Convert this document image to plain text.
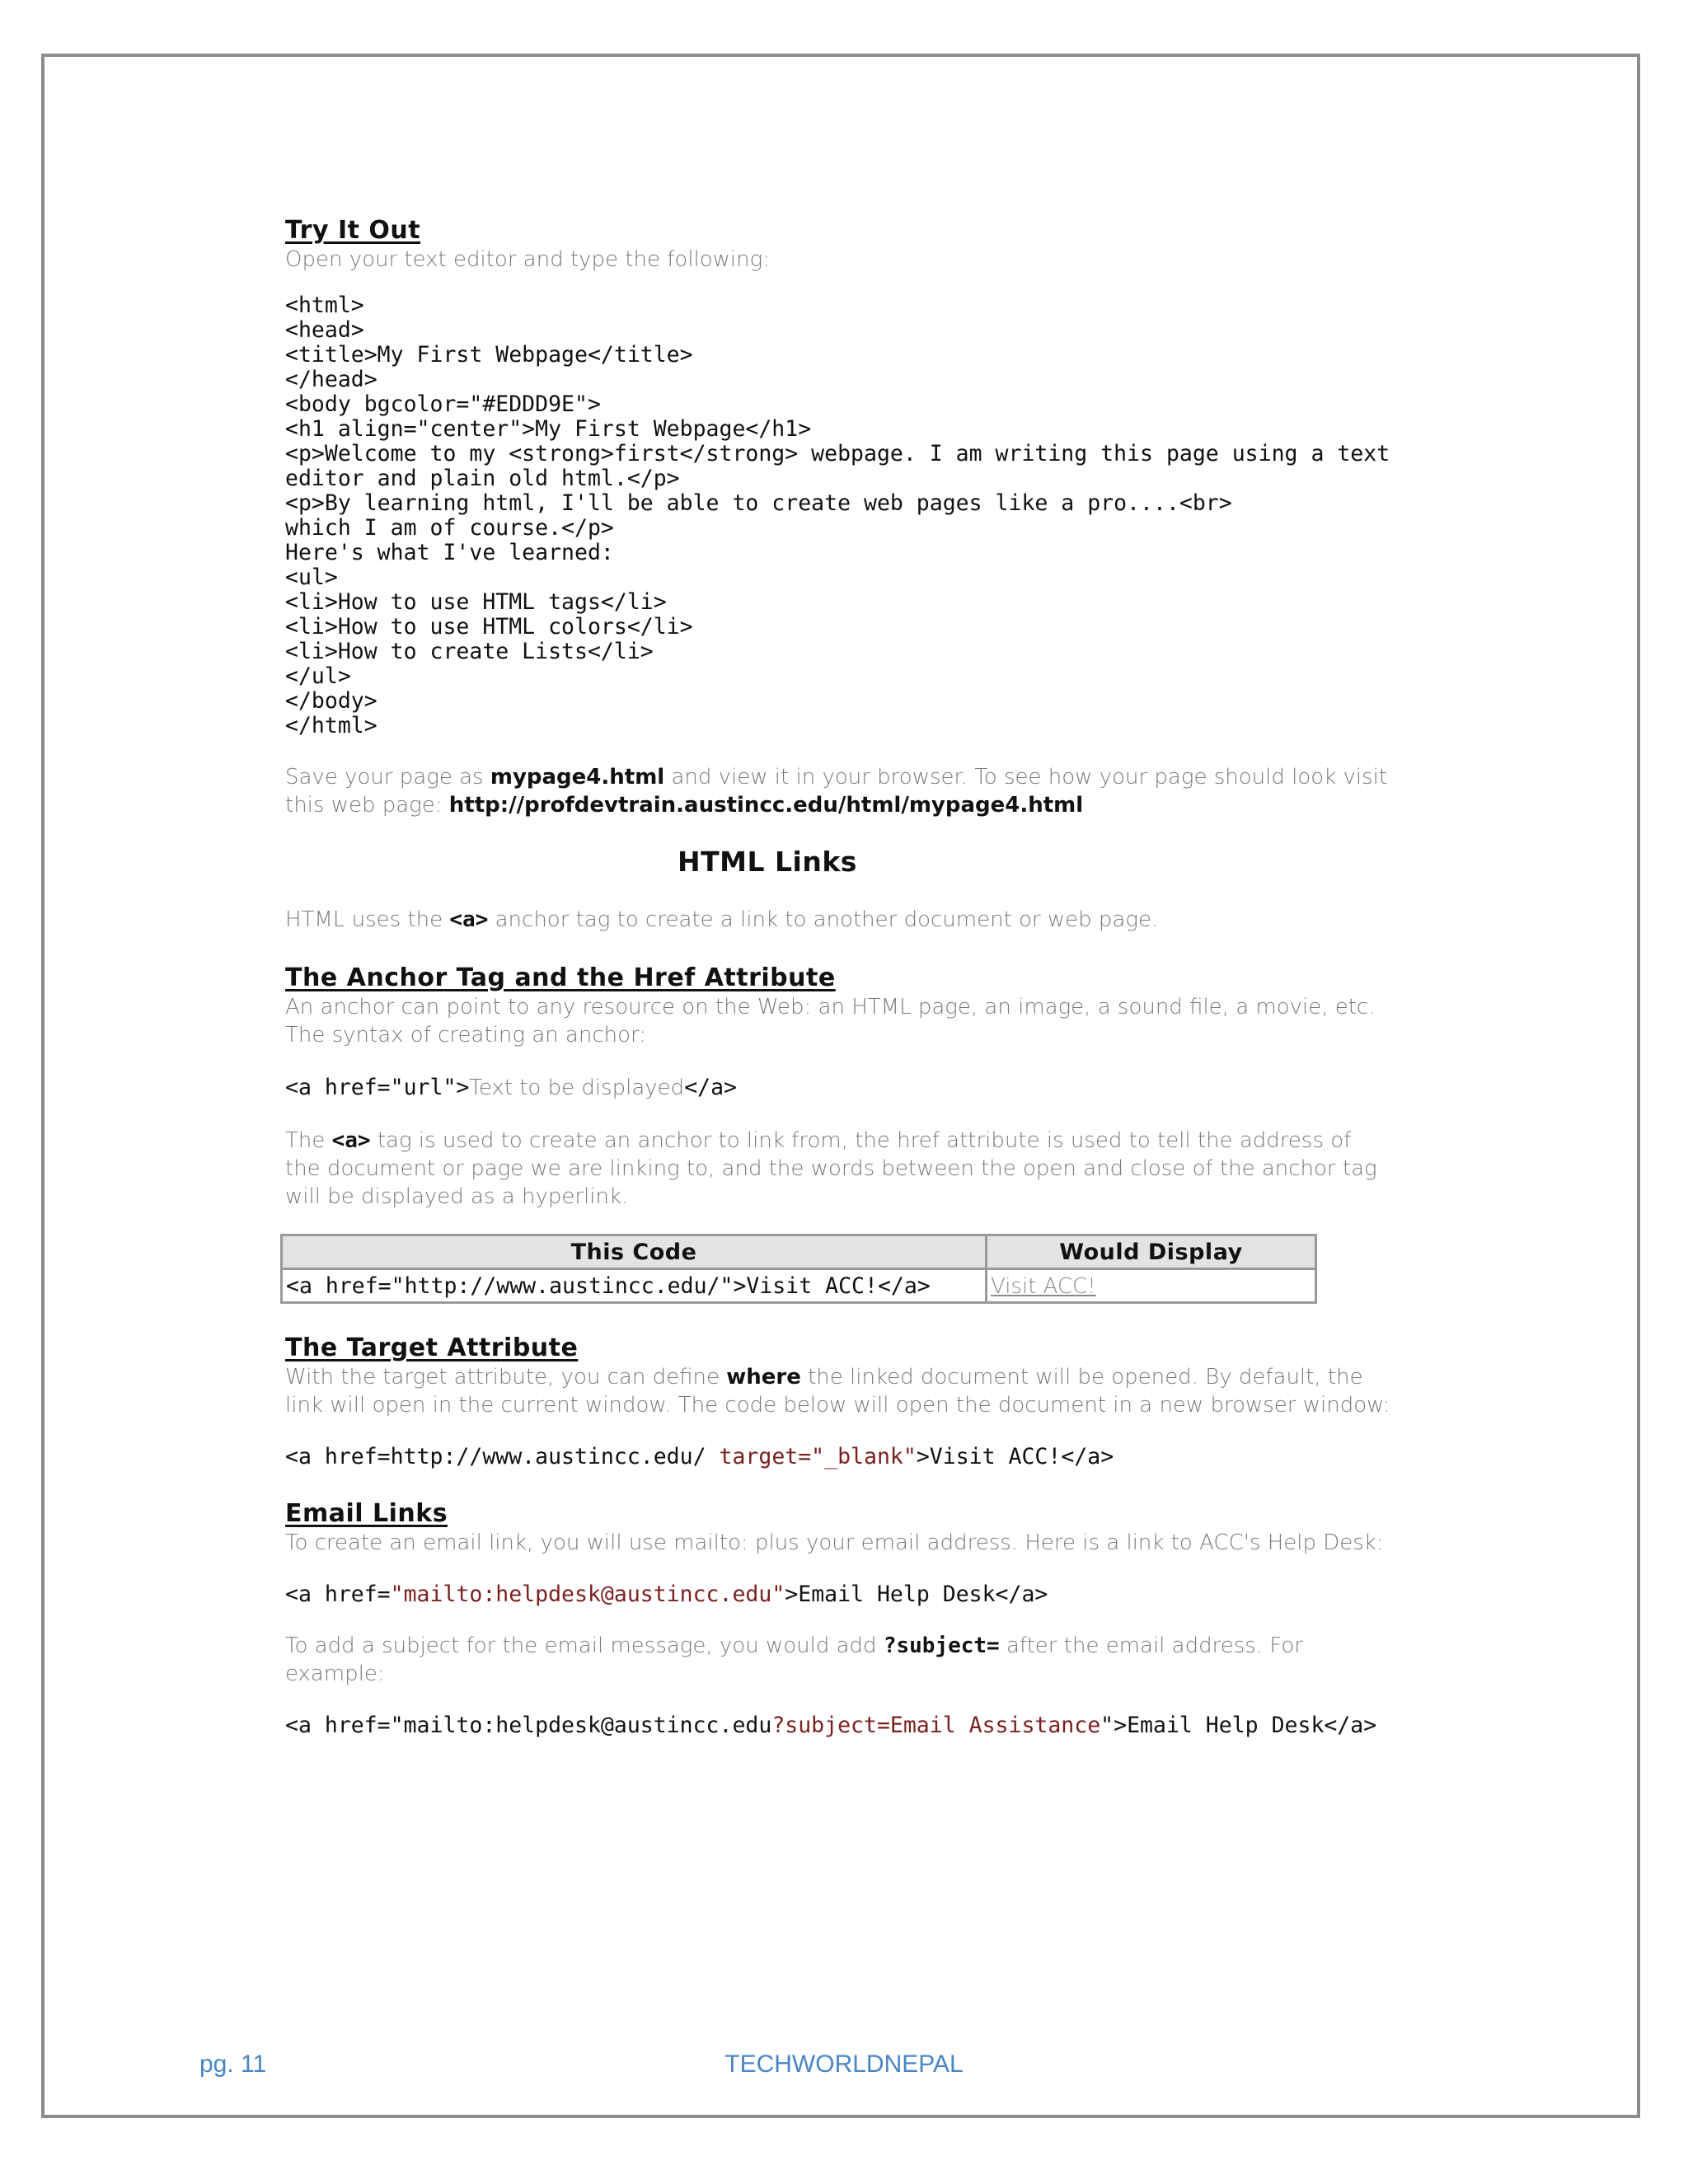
Try It Out

Open your text editor and type the following:

<html>
<head>
<title>My First Webpage</title>
</head>
<body bgcolor="#EDDD9E">
<h1 align="center">My First Webpage</h1>
<p>Welcome to my <strong>first</strong> webpage. I am writing this page using a text
editor and plain old html.</p>
<p>By learning html, I'll be able to create web pages like a pro....<br>
which I am of course.</p>
Here's what I've learned:
<ul>
<li>How to use HTML tags</li>
<li>How to use HTML colors</li>
<li>How to create Lists</li>
</ul>
</body>
</html>

Save your page as mypage4.html and view it in your browser. To see how your page should look visit
this web page: http://profdevtrain.austincc.edu/html/mypage4.html

HTML Links

HTML uses the <a> anchor tag to create a link to another document or web page.

The Anchor Tag and the Href Attribute

An anchor can point to any resource on the Web: an HTML page, an image, a sound file, a movie, etc.

The syntax of creating an anchor:

<a href="url">Text to be displayed</a>

The <a> tag is used to create an anchor to link from, the href attribute is used to tell the address of
the document or page we are linking to, and the words between the open and close of the anchor tag
will be displayed as a hyperlink.

This Code	Would Display
<a href="http://www.austincc.edu/">Visit ACC!</a>	Visit ACC!

The Target Attribute

With the target attribute, you can define where the linked document will be opened. By default, the

link will open in the current window. The code below will open the document in a new browser window:

<a href=http://www.austincc.edu/ target="_blank">Visit ACC!</a>

Email Links

To create an email link, you will use mailto: plus your email address. Here is a link to ACC's Help Desk:

<a href="mailto:helpdesk@austincc.edu">Email Help Desk</a>

To add a subject for the email message, you would add ?subject= after the email address. For
example:

<a href="mailto:helpdesk@austincc.edu?subject=Email Assistance">Email Help Desk</a>

pg. 11	TECHWORLDNEPAL
